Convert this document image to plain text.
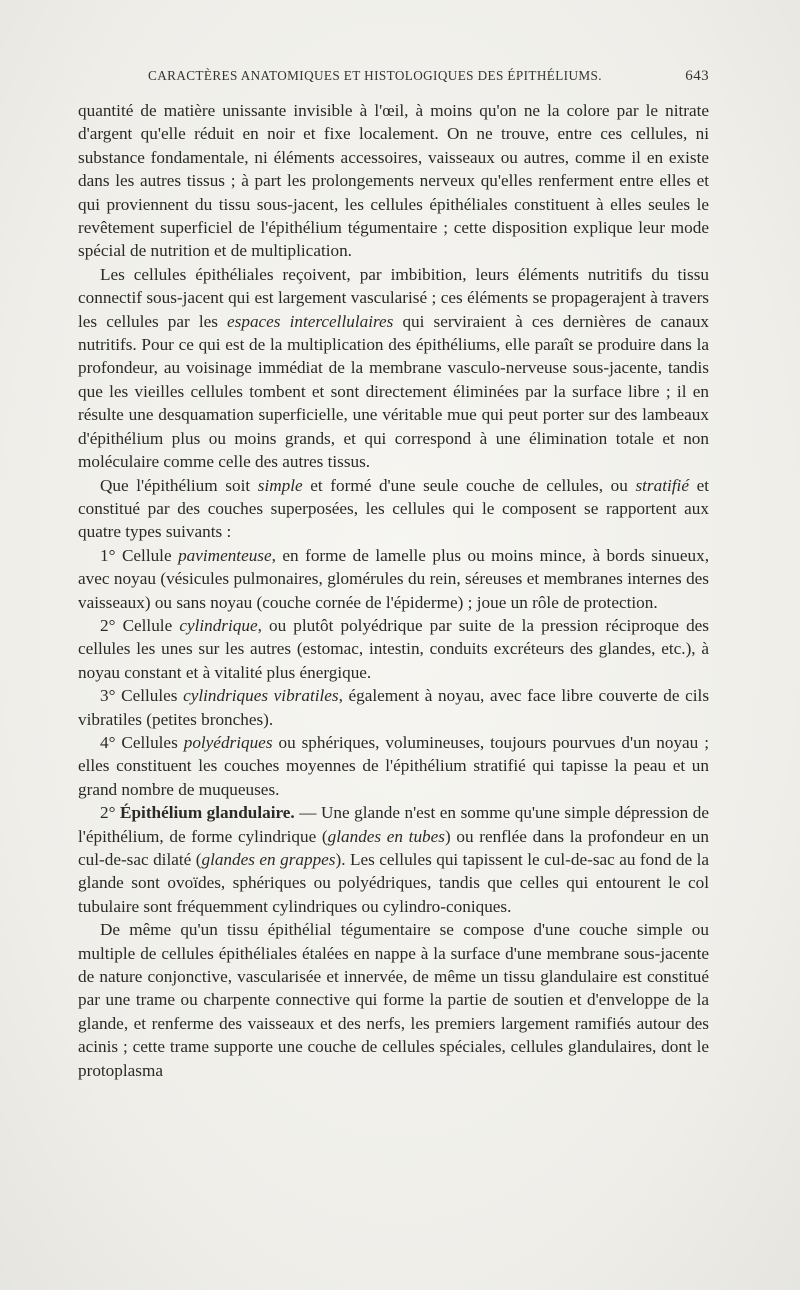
CARACTÈRES ANATOMIQUES ET HISTOLOGIQUES DES ÉPITHÉLIUMS.	643

quantité de matière unissante invisible à l'œil, à moins qu'on ne la colore par le nitrate d'argent qu'elle réduit en noir et fixe localement. On ne trouve, entre ces cellules, ni substance fondamentale, ni éléments accessoires, vaisseaux ou autres, comme il en existe dans les autres tissus ; à part les prolongements nerveux qu'elles renferment entre elles et qui proviennent du tissu sous-jacent, les cellules épithéliales constituent à elles seules le revêtement superficiel de l'épithélium tégumentaire ; cette disposition explique leur mode spécial de nutrition et de multiplication.

Les cellules épithéliales reçoivent, par imbibition, leurs éléments nutritifs du tissu connectif sous-jacent qui est largement vascularisé ; ces éléments se propagerajent à travers les cellules par les espaces intercellulaires qui serviraient à ces dernières de canaux nutritifs. Pour ce qui est de la multiplication des épithéliums, elle paraît se produire dans la profondeur, au voisinage immédiat de la membrane vasculo-nerveuse sous-jacente, tandis que les vieilles cellules tombent et sont directement éliminées par la surface libre ; il en résulte une desquamation superficielle, une véritable mue qui peut porter sur des lambeaux d'épithélium plus ou moins grands, et qui correspond à une élimination totale et non moléculaire comme celle des autres tissus.

Que l'épithélium soit simple et formé d'une seule couche de cellules, ou stratifié et constitué par des couches superposées, les cellules qui le composent se rapportent aux quatre types suivants :

1° Cellule pavimenteuse, en forme de lamelle plus ou moins mince, à bords sinueux, avec noyau (vésicules pulmonaires, glomérules du rein, séreuses et membranes internes des vaisseaux) ou sans noyau (couche cornée de l'épiderme) ; joue un rôle de protection.

2° Cellule cylindrique, ou plutôt polyédrique par suite de la pression réciproque des cellules les unes sur les autres (estomac, intestin, conduits excréteurs des glandes, etc.), à noyau constant et à vitalité plus énergique.

3° Cellules cylindriques vibratiles, également à noyau, avec face libre couverte de cils vibratiles (petites bronches).

4° Cellules polyédriques ou sphériques, volumineuses, toujours pourvues d'un noyau ; elles constituent les couches moyennes de l'épithélium stratifié qui tapisse la peau et un grand nombre de muqueuses.

2° Épithélium glandulaire. — Une glande n'est en somme qu'une simple dépression de l'épithélium, de forme cylindrique (glandes en tubes) ou renflée dans la profondeur en un cul-de-sac dilaté (glandes en grappes). Les cellules qui tapissent le cul-de-sac au fond de la glande sont ovoïdes, sphériques ou polyédriques, tandis que celles qui entourent le col tubulaire sont fréquemment cylindriques ou cylindro-coniques.

De même qu'un tissu épithélial tégumentaire se compose d'une couche simple ou multiple de cellules épithéliales étalées en nappe à la surface d'une membrane sous-jacente de nature conjonctive, vascularisée et innervée, de même un tissu glandulaire est constitué par une trame ou charpente connective qui forme la partie de soutien et d'enveloppe de la glande, et renferme des vaisseaux et des nerfs, les premiers largement ramifiés autour des acinis ; cette trame supporte une couche de cellules spéciales, cellules glandulaires, dont le protoplasma
